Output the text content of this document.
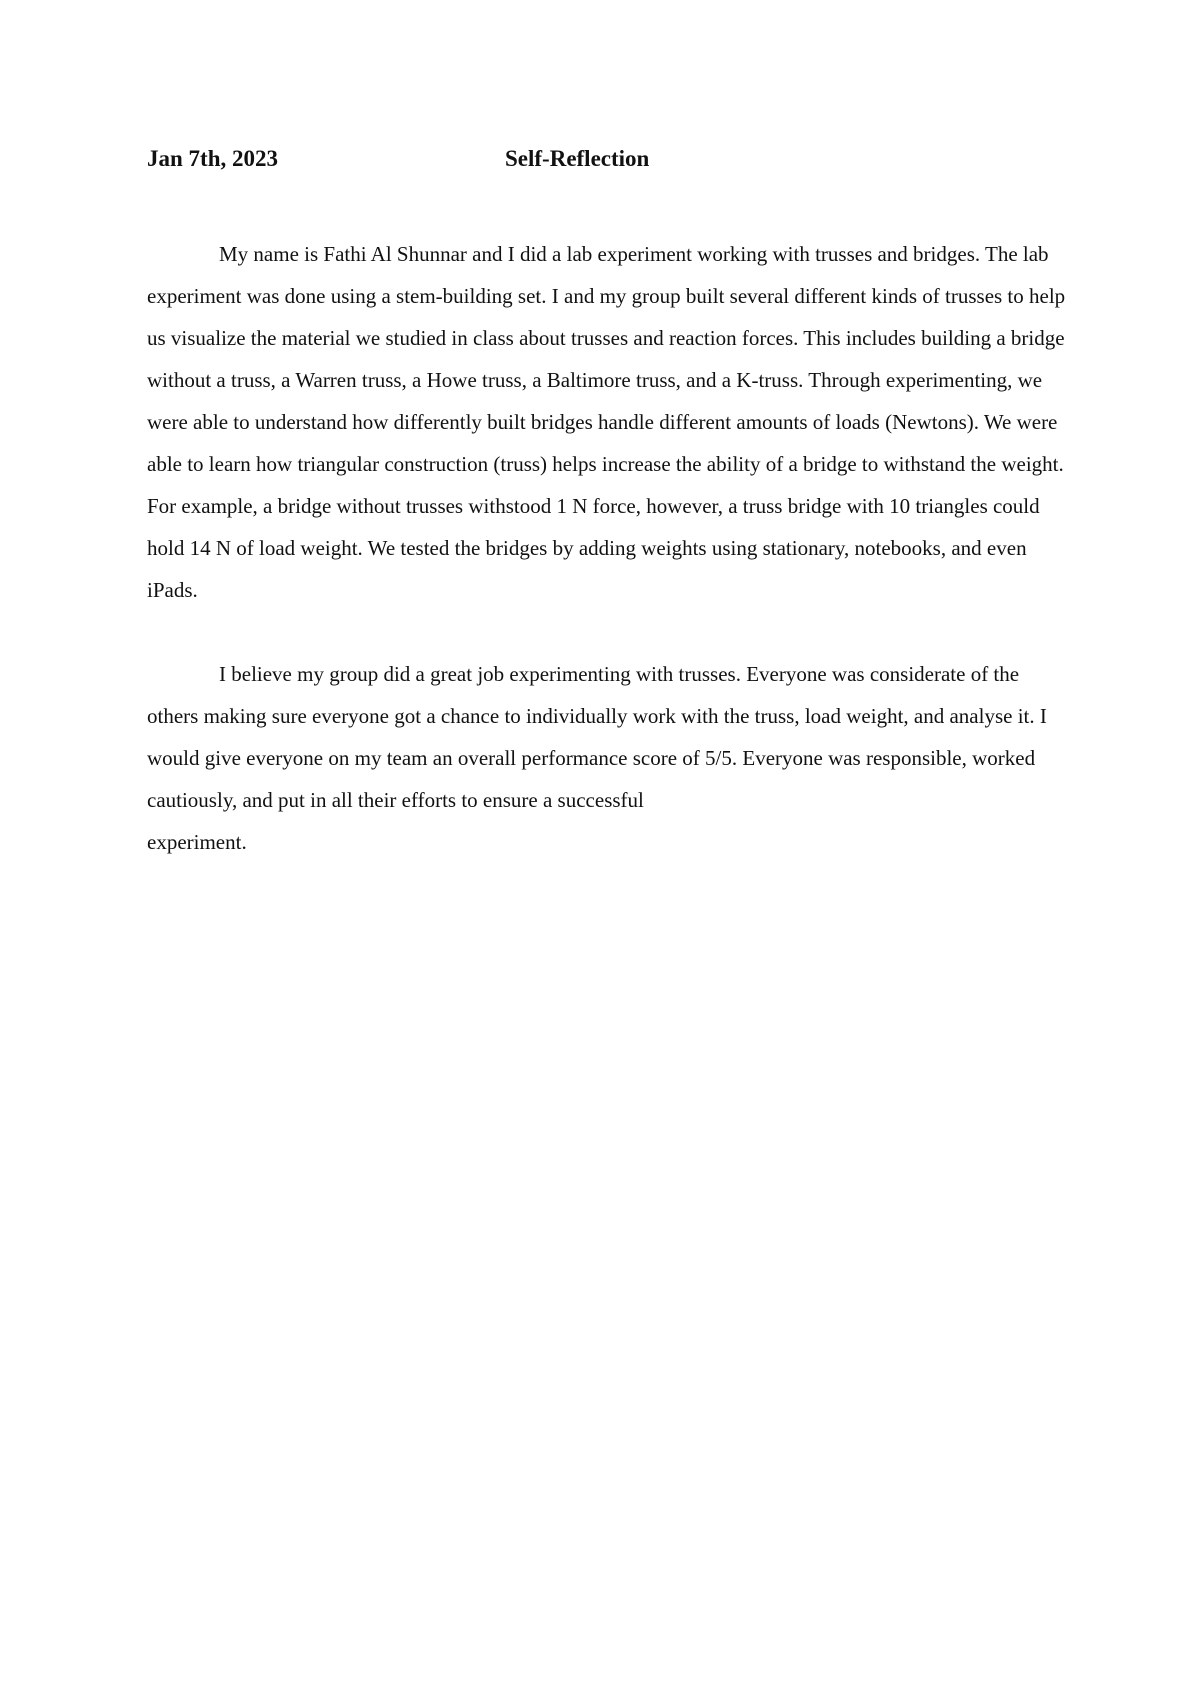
Jan 7th, 2023	Self-Reflection

My name is Fathi Al Shunnar and I did a lab experiment working with trusses and bridges. The lab experiment was done using a stem-building set. I and my group built several different kinds of trusses to help us visualize the material we studied in class about trusses and reaction forces. This includes building a bridge without a truss, a Warren truss, a Howe truss, a Baltimore truss, and a K-truss. Through experimenting, we were able to understand how differently built bridges handle different amounts of loads (Newtons). We were able to learn how triangular construction (truss) helps increase the ability of a bridge to withstand the weight. For example, a bridge without trusses withstood 1 N force, however, a truss bridge with 10 triangles could hold 14 N of load weight. We tested the bridges by adding weights using stationary, notebooks, and even iPads.

I believe my group did a great job experimenting with trusses. Everyone was considerate of the others making sure everyone got a chance to individually work with the truss, load weight, and analyse it. I would give everyone on my team an overall performance score of 5/5. Everyone was responsible, worked cautiously, and put in all their efforts to ensure a successful
experiment.
